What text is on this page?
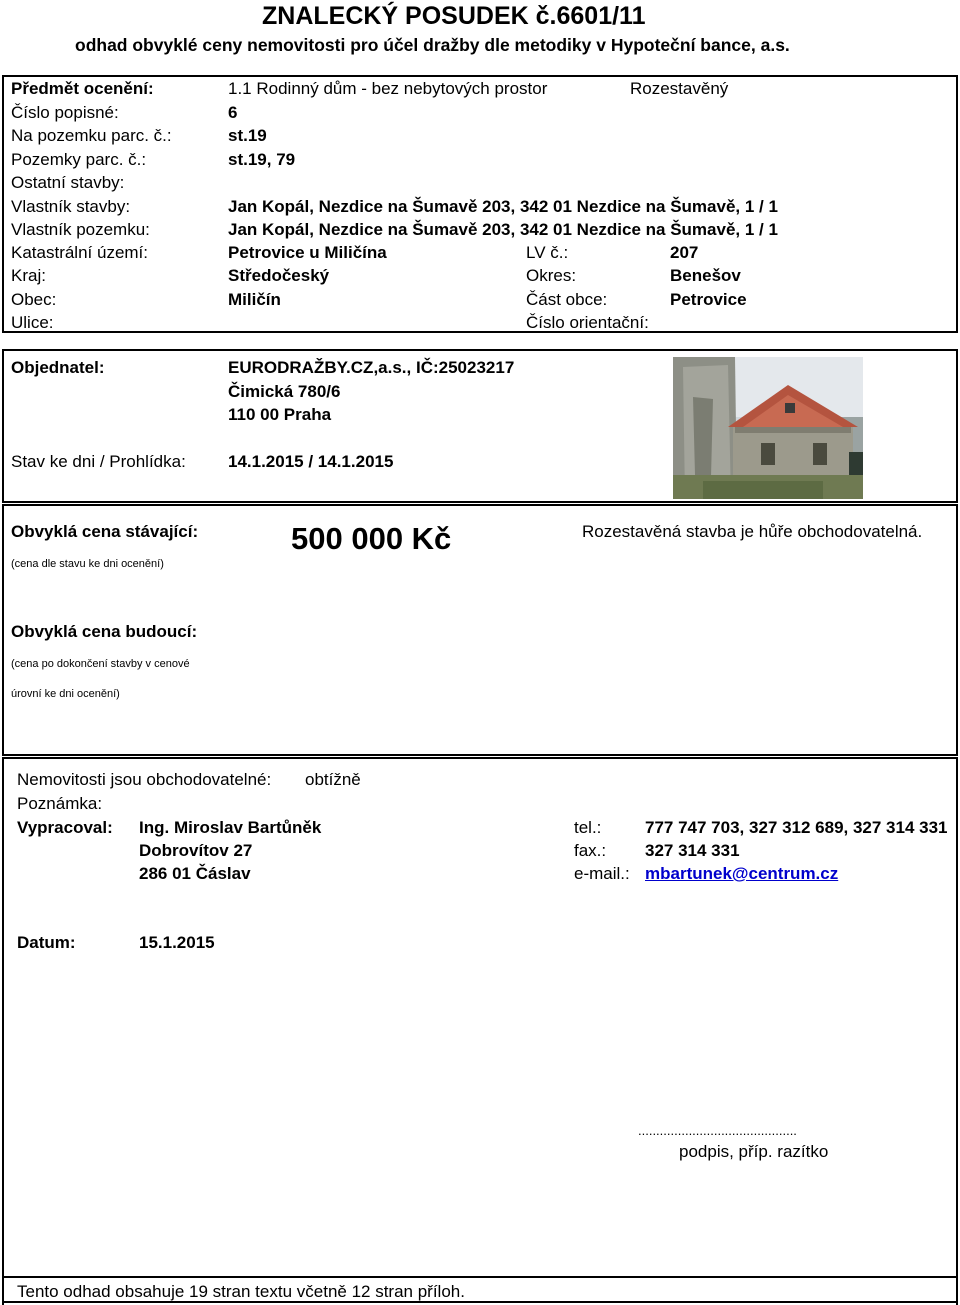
ZNALECKÝ POSUDEK č.6601/11
odhad obvyklé ceny nemovitosti pro účel dražby dle metodiky v Hypoteční bance, a.s.
Předmět ocenění:	1.1 Rodinný dům - bez nebytových prostor	Rozestavěný
Číslo popisné:	6
Na pozemku parc. č.:	st.19
Pozemky parc. č.:	st.19, 79
Ostatní stavby:
Vlastník stavby:	Jan Kopál, Nezdice na Šumavě 203, 342 01 Nezdice na Šumavě, 1 / 1
Vlastník pozemku:	Jan Kopál, Nezdice na Šumavě 203, 342 01 Nezdice na Šumavě, 1 / 1
Katastrální území:	Petrovice u Miličína	LV č.:	207
Kraj:	Středočeský	Okres:	Benešov
Obec:	Miličín	Část obce:	Petrovice
Ulice:	Číslo orientační:
Objednatel:	EURODRAŽBY.CZ,a.s., IČ:25023217
Čimická 780/6
110 00 Praha
Stav ke dni / Prohlídka: 14.1.2015 / 14.1.2015
Obvyklá cena stávající:
(cena dle stavu ke dni ocenění)
500 000 Kč	Rozestavěná stavba je hůře obchodovatelná.
Obvyklá cena budoucí:
(cena po dokončení stavby v cenové
úrovní ke dni ocenění)
Nemovitosti jsou obchodovatelné: obtížně
Poznámka:
Vypracoval: Ing. Miroslav Bartůněk
Dobrovítov 27
286 01 Čáslav
tel.:	777 747 703, 327 312 689, 327 314 331
fax.: 327 314 331
e-mail.: mbartunek@centrum.cz
Datum:	15.1.2015
............................................
podpis, příp. razítko
Tento odhad obsahuje 19 stran textu včetně 12 stran příloh.
